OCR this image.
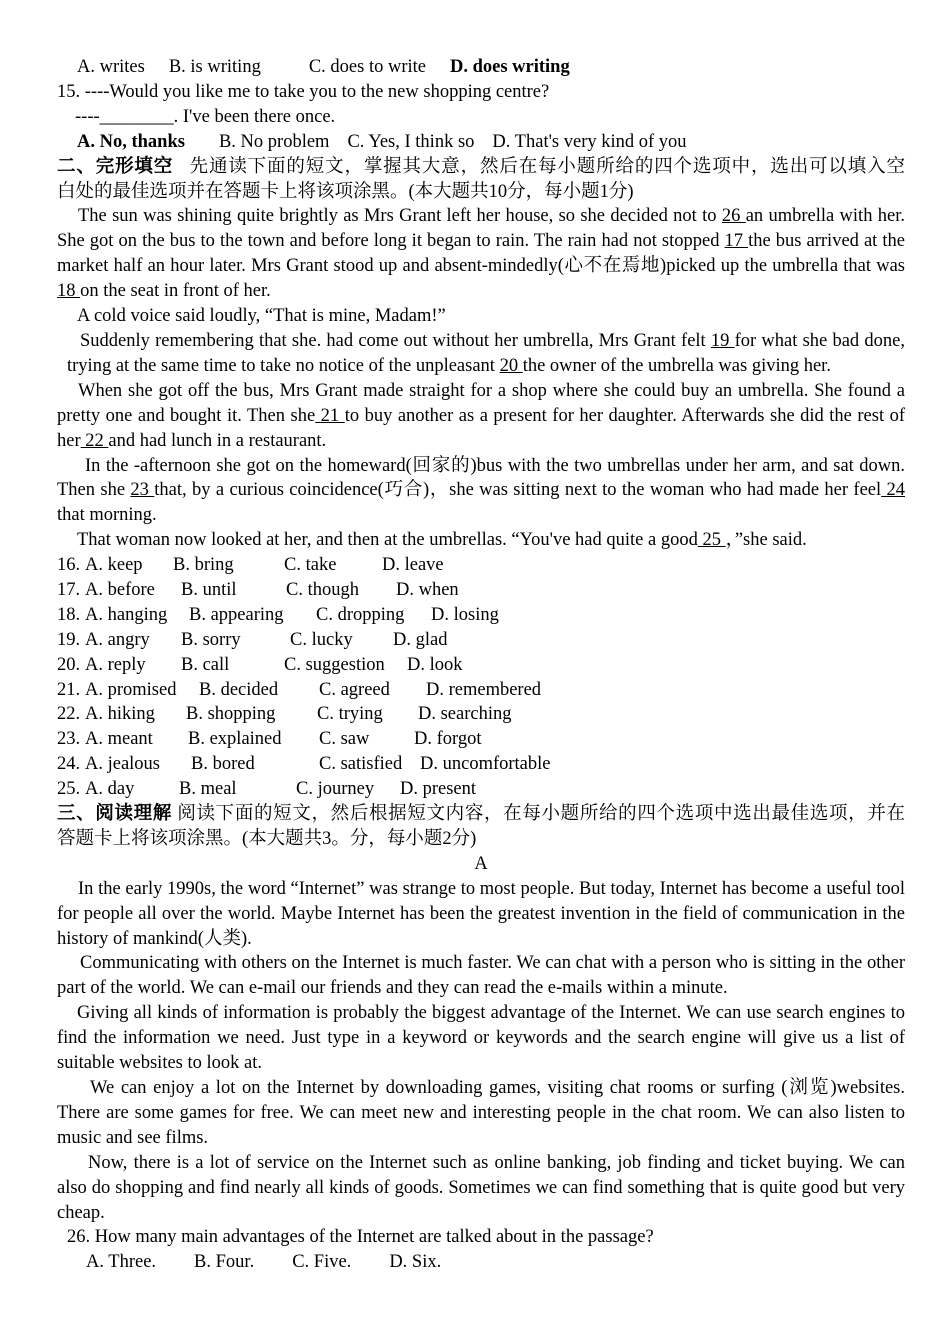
A. writes B. is writing	C. does to write D. does writing
15. ----Would you like me to take you to the new shopping centre?
----________. I've been there once.
A. No, thanks B. No problem C. Yes, I think so D. That's very kind of you
二、完形填空 先通读下面的短文，掌握其大意，然后在每小题所给的四个选项中，选出可以填入空
白处的最佳选项并在答题卡上将该项涂黑。(本大题共10分，每小题1分)
The sun was shining quite brightly as Mrs Grant left her house, so she decided not to 26 an umbrella with her. She got on the bus to the town and before long it began to rain. The rain had not stopped 17 the bus arrived at the market half an hour later. Mrs Grant stood up and absent-mindedly(心不在焉地)picked up the umbrella that was 18 on the seat in front of her.
A cold voice said loudly, “That is mine, Madam!”
Suddenly remembering that she. had come out without her umbrella, Mrs Grant felt 19 for what she bad done, trying at the same time to take no notice of the unpleasant 20 the owner of the umbrella was giving her.
When she got off the bus, Mrs Grant made straight for a shop where she could buy an umbrella. She found a pretty one and bought it. Then she 21 to buy another as a present for her daughter. Afterwards she did the rest of her 22 and had lunch in a restaurant.
In the -afternoon she got on the homeward(回家的)bus with the two umbrellas under her arm, and sat down. Then she 23 that, by a curious coincidence(巧合)，she was sitting next to the woman who had made her feel 24 that morning.
That woman now looked at her, and then at the umbrellas. “You've had quite a good 25 ，”she said.
16. A. keep B. bring	C. take D. leave
17. A. before B. until	C. though D. when
18. A. hanging B. appearing C. dropping D. losing
19. A. angry B. sorry	C. lucky D. glad
20. A. reply B. call	C. suggestion D. look
21. A. promised B. decided C. agreed D. remembered
22. A. hiking B. shopping C. trying D. searching
23. A. meant B. explained C. saw D. forgot
24. A. jealous B. bored	C. satisfied D. uncomfortable
25. A. day B. meal	C. journey D. present
三、阅读理解 阅读下面的短文，然后根据短文内容，在每小题所给的四个选项中选出最佳选项，并在
答题卡上将该项涂黑。(本大题共3。分，每小题2分)
A
In the early 1990s, the word “Internet” was strange to most people. But today, Internet has become a useful tool for people all over the world. Maybe Internet has been the greatest invention in the field of communication in the history of mankind(人类).
Communicating with others on the Internet is much faster. We can chat with a person who is sitting in the other part of the world. We can e-mail our friends and they can read the e-mails within a minute.
Giving all kinds of information is probably the biggest advantage of the Internet. We can use search engines to find the information we need. Just type in a keyword or keywords and the search engine will give us a list of suitable websites to look at.
We can enjoy a lot on the Internet by downloading games, visiting chat rooms or surfing (浏览)websites. There are some games for free. We can meet new and interesting people in the chat room. We can also listen to music and see films.
Now, there is a lot of service on the Internet such as online banking, job finding and ticket buying. We can also do shopping and find nearly all kinds of goods. Sometimes we can find something that is quite good but very cheap.
26. How many main advantages of the Internet are talked about in the passage?
A. Three. B. Four. C. Five. D. Six.
